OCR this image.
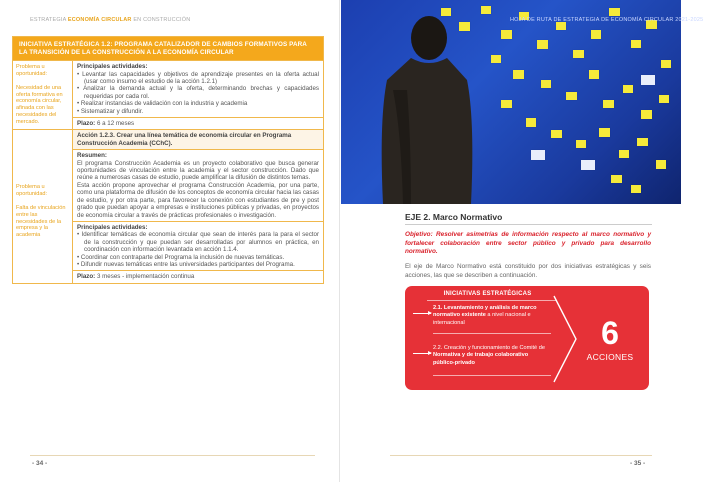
ESTRATEGIA ECONOMÍA CIRCULAR EN CONSTRUCCIÓN
INICIATIVA ESTRATÉGICA 1.2: PROGRAMA CATALIZADOR DE CAMBIOS FORMATIVOS PARA LA TRANSICIÓN DE LA CONSTRUCCIÓN A LA ECONOMÍA CIRCULAR
Problema u oportunidad:
Necesidad de una oferta formativa en economía circular, afinada con las necesidades del mercado.
Principales actividades:
• Levantar las capacidades y objetivos de aprendizaje presentes en la oferta actual (usar como insumo el estudio de la acción 1.2.1)
• Analizar la demanda actual y la oferta, determinando brechas y capacidades requeridas por cada rol.
• Realizar instancias de validación con la industria y academia
• Sistematizar y difundir.
Plazo: 6 a 12 meses
Problema u oportunidad:
Falta de vinculación entre las necesidades de la empresa y la academia
Acción 1.2.3. Crear una línea temática de economía circular en Programa Construcción Academia (CChC).
Resumen:
El programa Construcción Academia es un proyecto colaborativo que busca generar oportunidades de vinculación entre la academia y el sector construcción. Dado que reúne a numerosas casas de estudio, puede amplificar la difusión de distintos temas.
Esta acción propone aprovechar el programa Construcción Academia, por una parte, como una plataforma de difusión de los conceptos de economía circular hacia las casas de estudio, y por otra parte, para favorecer la conexión con estudiantes de pre y post grado que puedan apoyar a empresas e instituciones públicas y privadas, en proyectos de economía circular a través de prácticas profesionales o investigación.
Principales actividades:
• Identificar temáticas de economía circular que sean de interés para la para el sector de la construcción y que puedan ser desarrolladas por alumnos en práctica, en coordinación con información levantada en acción 1.1.4.
• Coordinar con contraparte del Programa la inclusión de nuevas temáticas.
• Difundir nuevas temáticas entre las universidades participantes del Programa.
Plazo: 3 meses - implementación continua
- 34 -
HOJA DE RUTA DE ESTRATEGIA DE ECONOMÍA CIRCULAR 2021-2025
EJE 2. Marco Normativo
Objetivo: Resolver asimetrías de información respecto al marco normativo y fortalecer colaboración entre sector público y privado para desarrollo normativo.
El eje de Marco Normativo está constituido por dos iniciativas estratégicas y seis acciones, las que se describen a continuación.
INICIATIVAS ESTRATÉGICAS
2.1. Levantamiento y análisis de marco normativo existente a nivel nacional e internacional
2.2. Creación y funcionamiento de Comité de Normativa y de trabajo colaborativo público-privado
6
ACCIONES
- 35 -
